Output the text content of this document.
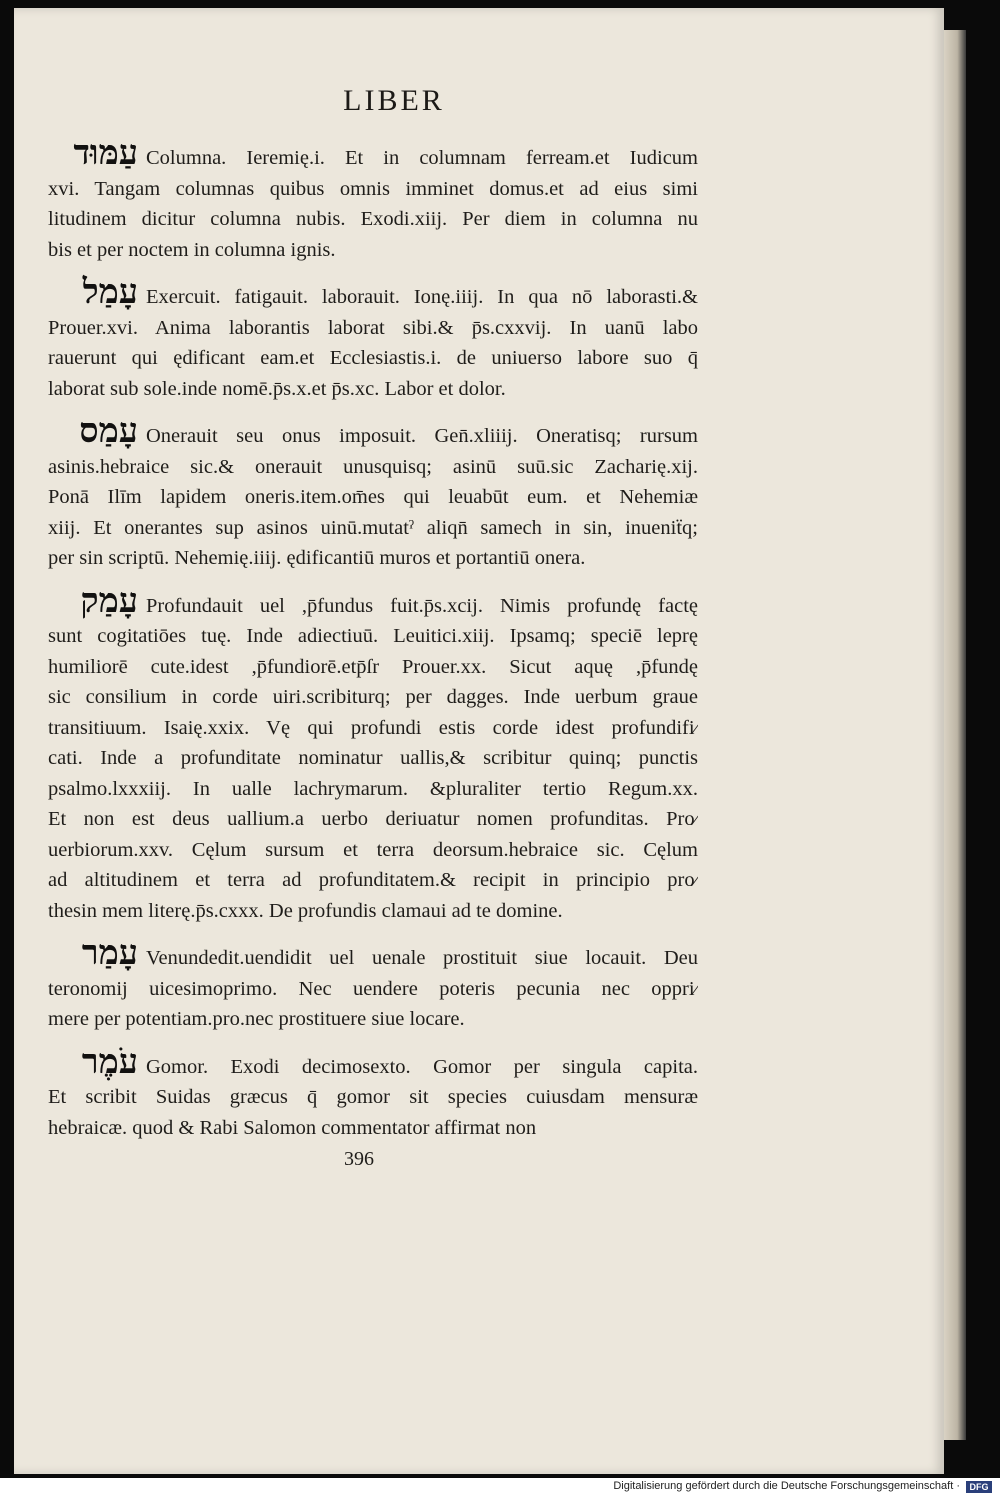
LIBER
עַמּוּד Columna. Ieremię.i. Et in columnam ferream.et Iudicum
xvi. Tangam columnas quibus omnis imminet domus.et ad eius simi
litudinem dicitur columna nubis. Exodi.xiij. Per diem in columna nu
bis et per noctem in columna ignis.
עָמַל Exercuit. fatigauit. laborauit. Ionę.iiij. In qua nō laborasti.&
Prouer.xvi. Anima laborantis laborat sibi.& p̄s.cxxvij. In uanū labo
rauerunt qui ędificant eam.et Ecclesiastis.i. de uniuerso labore suo q̄
laborat sub sole.inde nomē.p̄s.x.et p̄s.xc. Labor et dolor.
עָמַס Onerauit seu onus imposuit. Gen̄.xliiij. Oneratisq; rursum
asinis.hebraice sic.& onerauit unusquisq; asinū suū.sic Zacharię.xij.
Ponā Ilīm lapidem oneris.item.om̄es qui leuabūt eum. et Nehemiæ
xiij. Et onerantes sup asinos uinū.mutatˀ aliqn̄ samech in sin, inueniẗq;
per sin scriptū. Nehemię.iiij. ędificantiū muros et portantiū onera.
עָמַק Profundauit uel ,p̄fundus fuit.p̄s.xcij. Nimis profundę factę
sunt cogitatiōes tuę. Inde adiectiuū. Leuitici.xiij. Ipsamq; speciē leprę
humiliorē cute.idest ,p̄fundiorē.etp̄ſr Prouer.xx. Sicut aquę ,p̄fundę
sic consilium in corde uiri.scribiturq; per dagges. Inde uerbum graue
transitiuum. Isaię.xxix. Vę qui profundi estis corde idest profundifi⁄
cati. Inde a profunditate nominatur uallis,& scribitur quinq; punctis
psalmo.lxxxiij. In ualle lachrymarum. &pluraliter tertio Regum.xx.
Et non est deus uallium.a uerbo deriuatur nomen profunditas. Pro⁄
uerbiorum.xxv. Cęlum sursum et terra deorsum.hebraice sic. Cęlum
ad altitudinem et terra ad profunditatem.& recipit in principio pro⁄
thesin mem literę.p̄s.cxxx. De profundis clamaui ad te domine.
עָמַר Venundedit.uendidit uel uenale prostituit siue locauit. Deu
teronomij uicesimoprimo. Nec uendere poteris pecunia nec oppri⁄
mere per potentiam.pro.nec prostituere siue locare.
עֹמֶר Gomor. Exodi decimosexto. Gomor per singula capita.
Et scribit Suidas græcus q̄ gomor sit species cuiusdam mensuræ
hebraicæ. quod & Rabi Salomon commentator affirmat non
396
Digitalisierung gefördert durch die Deutsche Forschungsgemeinschaft ·	DFG
